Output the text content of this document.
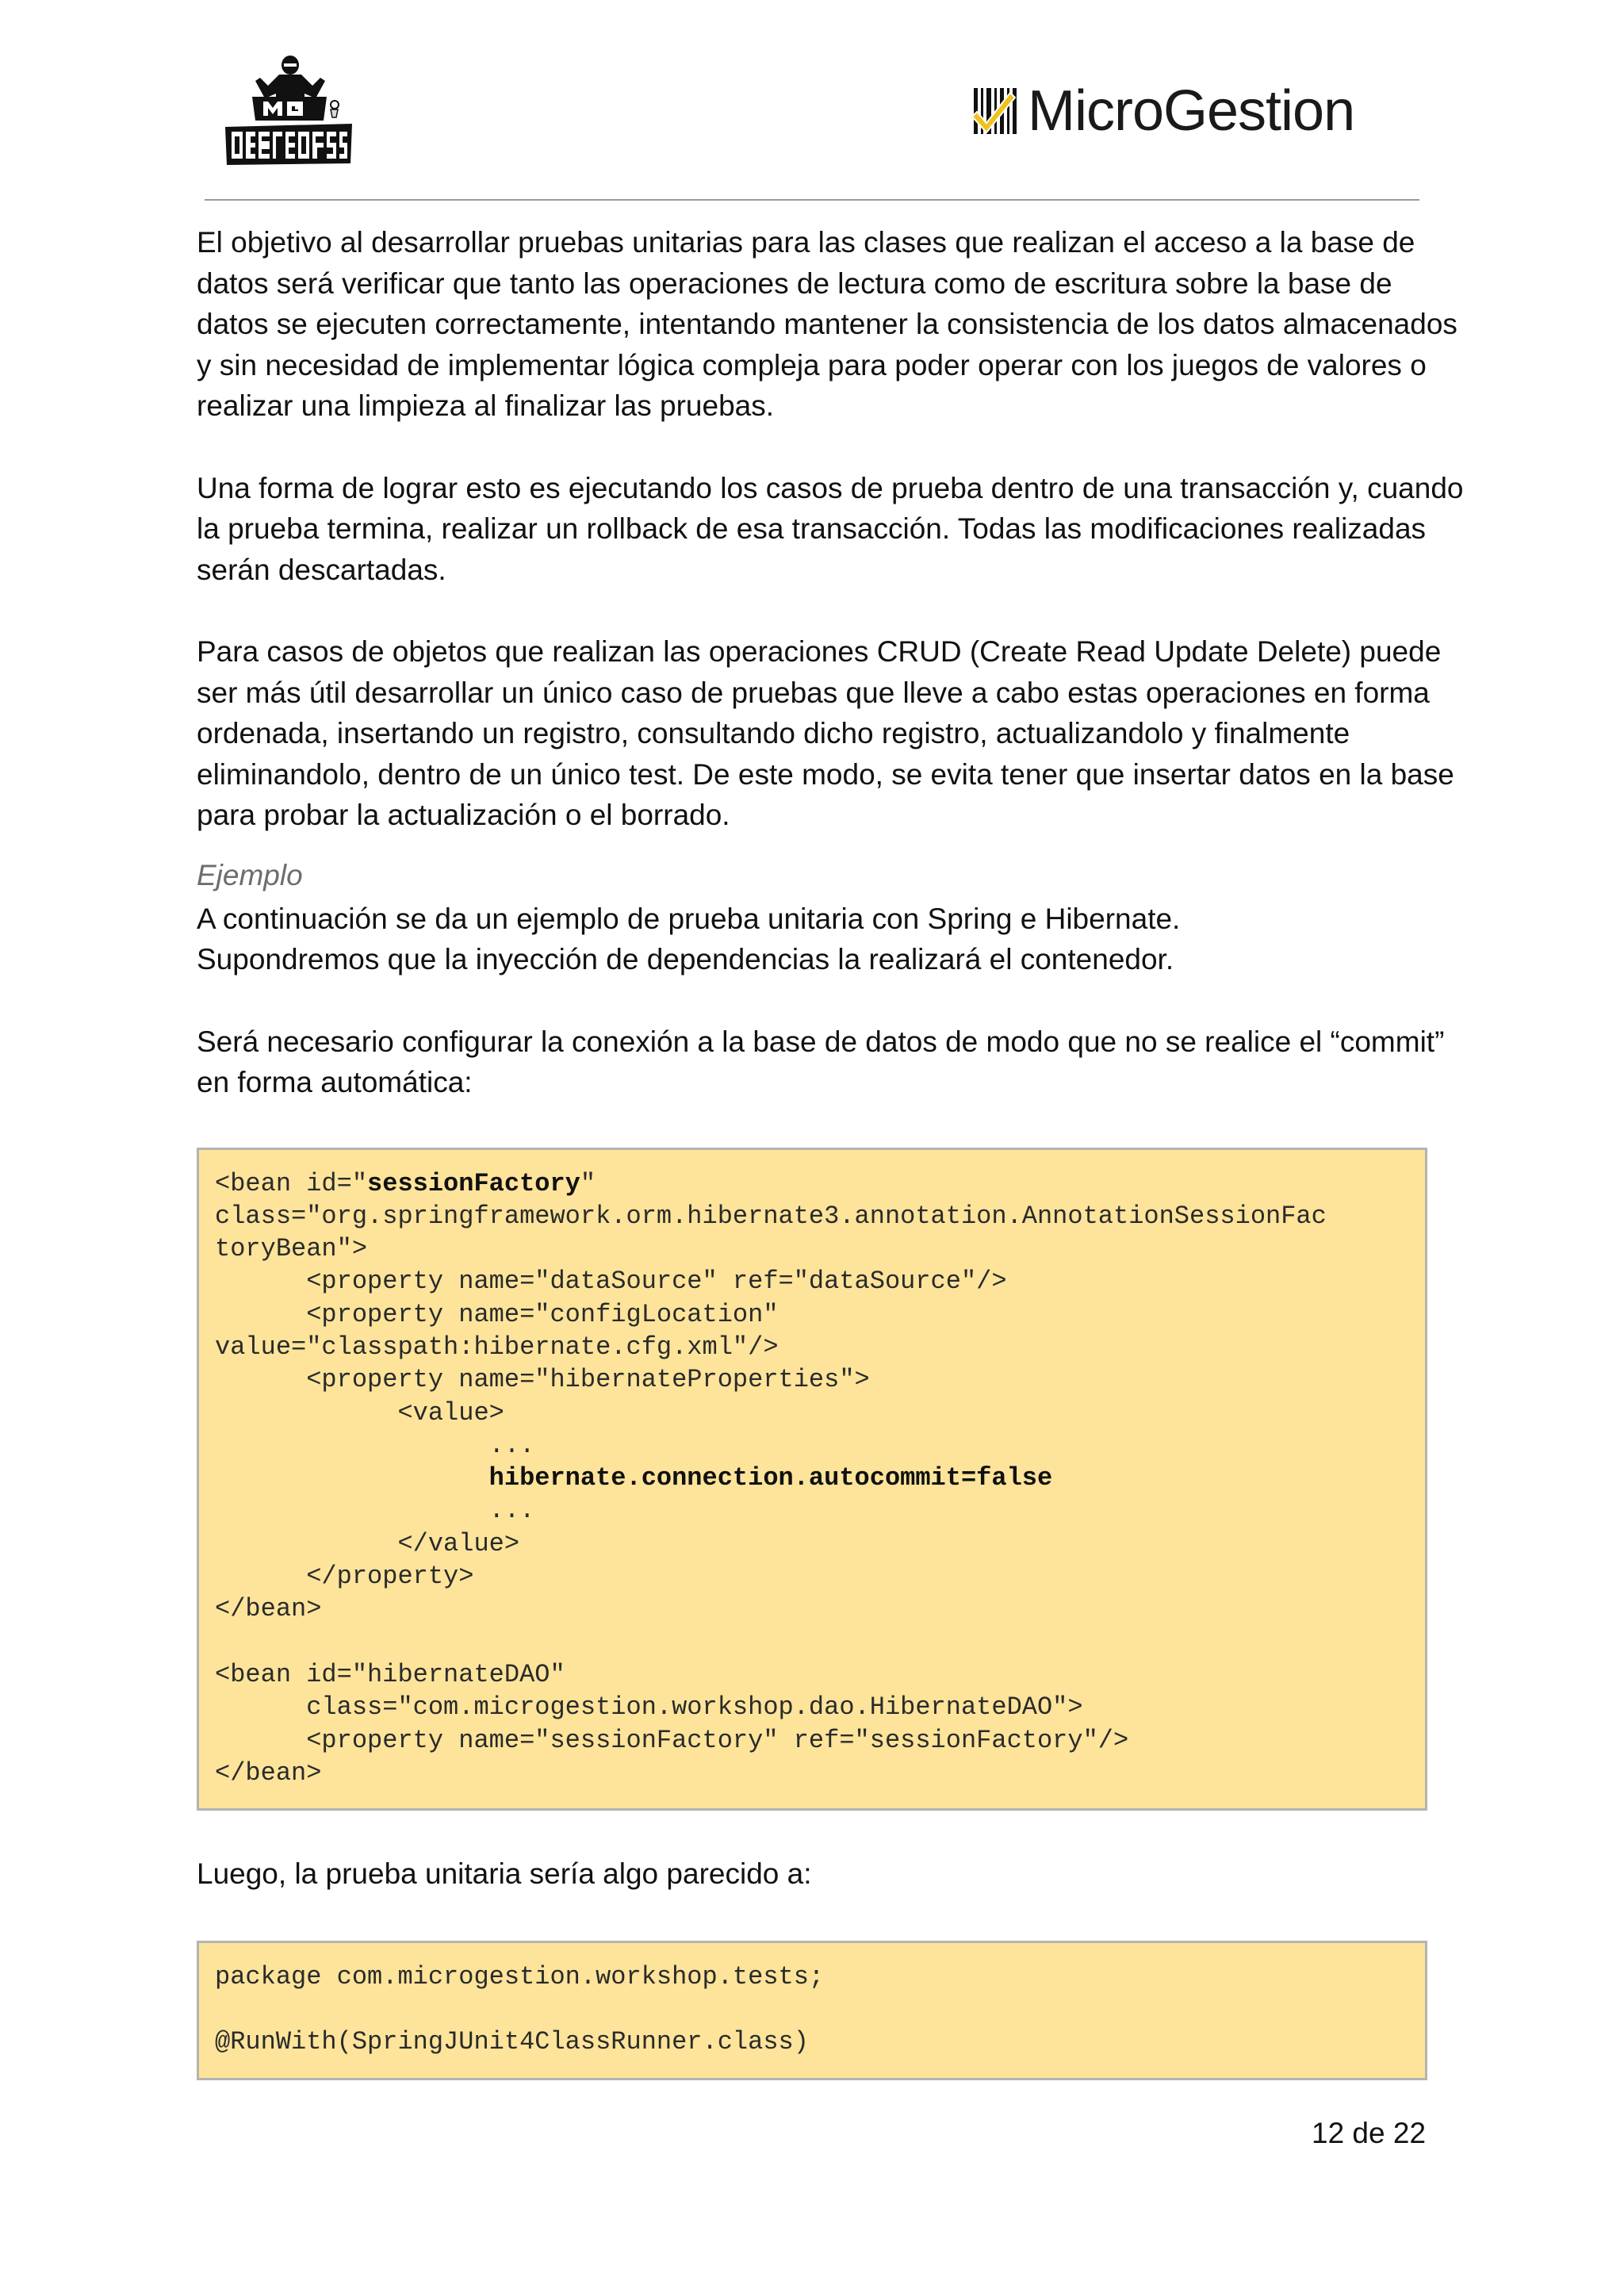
MicroGestion

El objetivo al desarrollar pruebas unitarias para las clases que realizan el acceso a la base de datos será verificar que tanto las operaciones de lectura como de escritura sobre la base de datos se ejecuten correctamente, intentando mantener la consistencia de los datos almacenados y sin necesidad de implementar lógica compleja para poder operar con los juegos de valores o realizar una limpieza al finalizar las pruebas.

Una forma de lograr esto es ejecutando los casos de prueba dentro de una transacción y, cuando la prueba termina, realizar un rollback de esa transacción. Todas las modificaciones realizadas serán descartadas.

Para casos de objetos que realizan las operaciones CRUD (Create Read Update Delete) puede ser más útil desarrollar un único caso de pruebas que lleve a cabo estas operaciones en forma ordenada, insertando un registro, consultando dicho registro, actualizandolo y finalmente eliminandolo, dentro de un único test. De este modo, se evita tener que insertar datos en la base para probar la actualización o el borrado.

Ejemplo

A continuación se da un ejemplo de prueba unitaria con Spring e Hibernate.
Supondremos que la inyección de dependencias la realizará el contenedor.

Será necesario configurar la conexión a la base de datos de modo que no se realice el “commit” en forma automática:

<bean id="sessionFactory"
class="org.springframework.orm.hibernate3.annotation.AnnotationSessionFac
toryBean">
<property name="dataSource" ref="dataSource"/>
<property name="configLocation"
value="classpath:hibernate.cfg.xml"/>
<property name="hibernateProperties">
<value>
...
hibernate.connection.autocommit=false
...
</value>
</property>
</bean>
<bean id="hibernateDAO"
class="com.microgestion.workshop.dao.HibernateDAO">
<property name="sessionFactory" ref="sessionFactory"/>
</bean>

Luego, la prueba unitaria sería algo parecido a:

package com.microgestion.workshop.tests;
@RunWith(SpringJUnit4ClassRunner.class)
12 de 22
